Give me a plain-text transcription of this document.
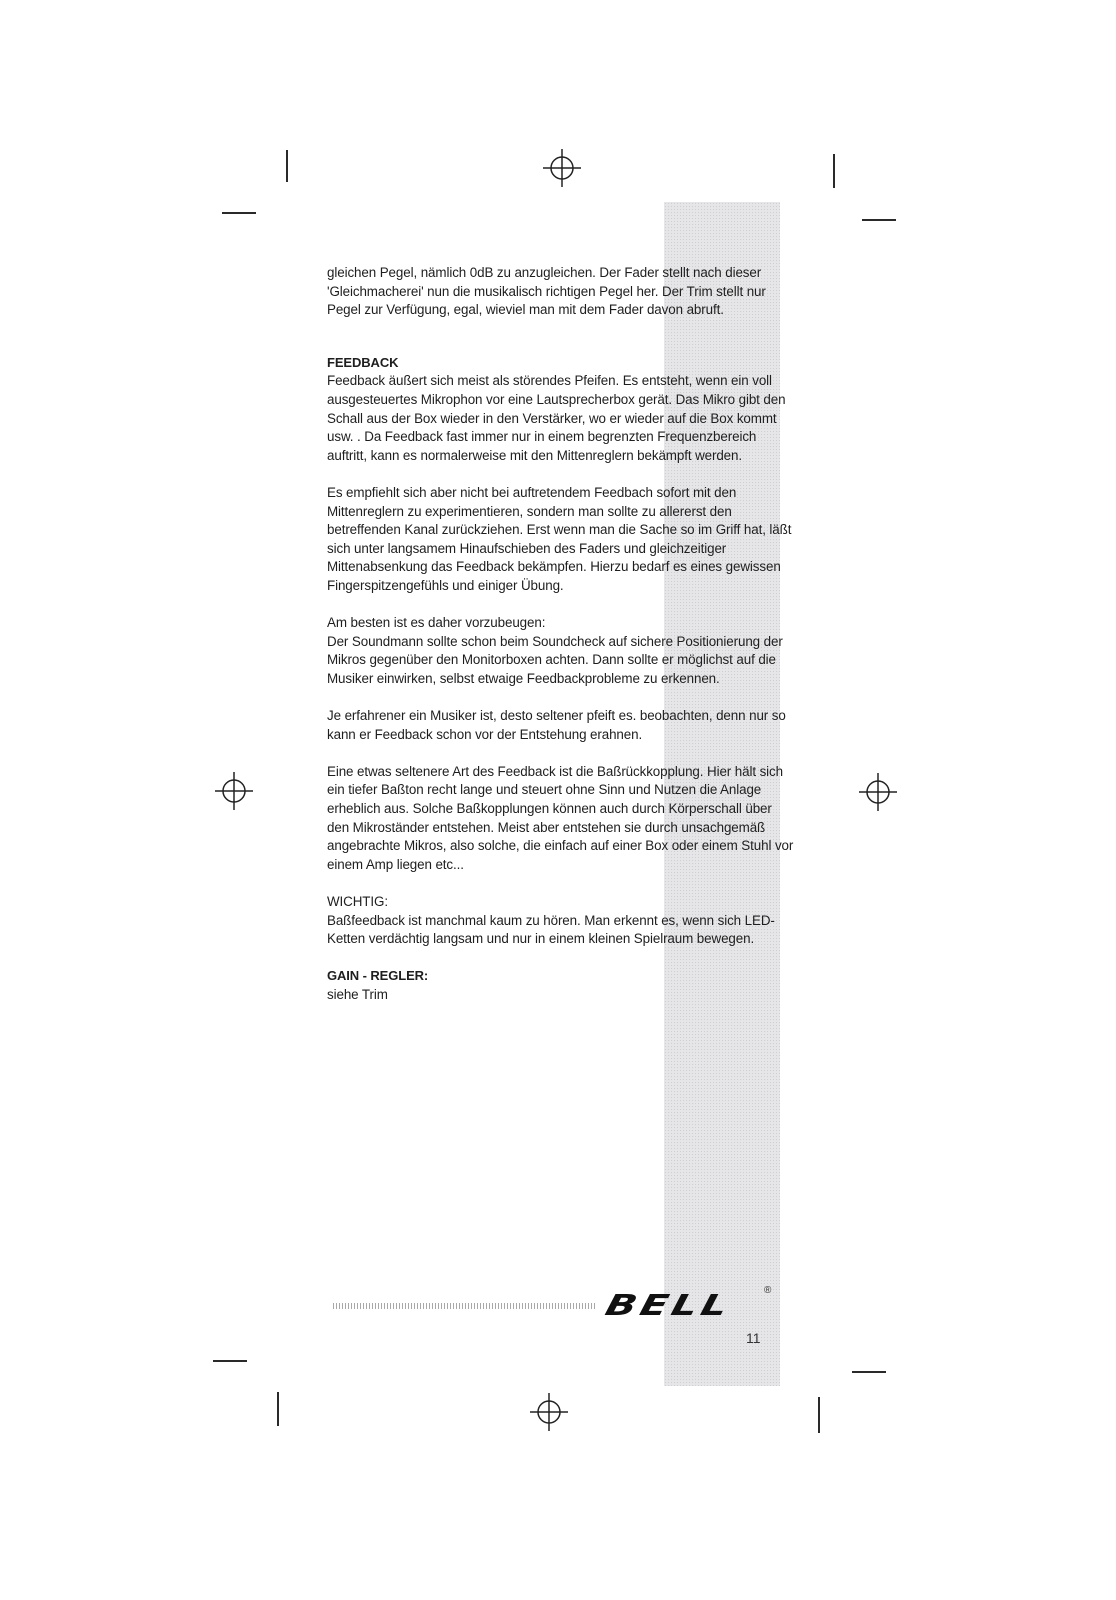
gleichen Pegel, nämlich 0dB zu anzugleichen. Der Fader stellt nach dieser 'Gleichmacherei' nun die musikalisch richtigen Pegel her. Der Trim stellt nur Pegel zur Verfügung, egal, wieviel man mit dem Fader davon abruft.

FEEDBACK
Feedback äußert sich meist als störendes Pfeifen. Es entsteht, wenn ein voll ausgesteuertes Mikrophon vor eine Lautsprecherbox gerät. Das Mikro gibt den Schall aus der Box wieder in den Verstärker, wo er wieder auf die Box kommt usw. . Da Feedback fast immer nur in einem begrenzten Frequenzbereich auftritt, kann es normalerweise mit den Mittenreglern bekämpft werden.

Es empfiehlt sich aber nicht bei auftretendem Feedbach sofort mit den Mittenreglern zu experimentieren, sondern man sollte zu allererst den betreffenden Kanal zurückziehen. Erst wenn man die Sache so im Griff hat, läßt sich unter langsamem Hinaufschieben des Faders und gleichzeitiger Mittenabsenkung das Feedback bekämpfen. Hierzu bedarf es eines gewissen Fingerspitzengefühls und einiger Übung.

Am besten ist es daher vorzubeugen:
Der Soundmann sollte schon beim Soundcheck auf sichere Positionierung der Mikros gegenüber den Monitorboxen achten. Dann sollte er möglichst auf die Musiker einwirken, selbst etwaige Feedbackprobleme zu erkennen.

Je erfahrener ein Musiker ist, desto seltener pfeift es. beobachten, denn nur so kann er Feedback schon vor der Entstehung erahnen.

Eine etwas seltenere Art des Feedback ist die Baßrückkopplung. Hier hält sich ein tiefer Baßton recht lange und steuert ohne Sinn und Nutzen die Anlage erheblich aus. Solche Baßkopplungen können auch durch Körperschall über den Mikroständer entstehen. Meist aber entstehen sie durch unsachgemäß angebrachte Mikros, also solche, die einfach auf einer Box oder einem Stuhl vor einem Amp liegen etc...

WICHTIG:
Baßfeedback ist manchmal kaum zu hören. Man erkennt es, wenn sich LED-Ketten verdächtig langsam und nur in einem kleinen Spielraum bewegen.

GAIN - REGLER:
siehe Trim

BELL	®
11
